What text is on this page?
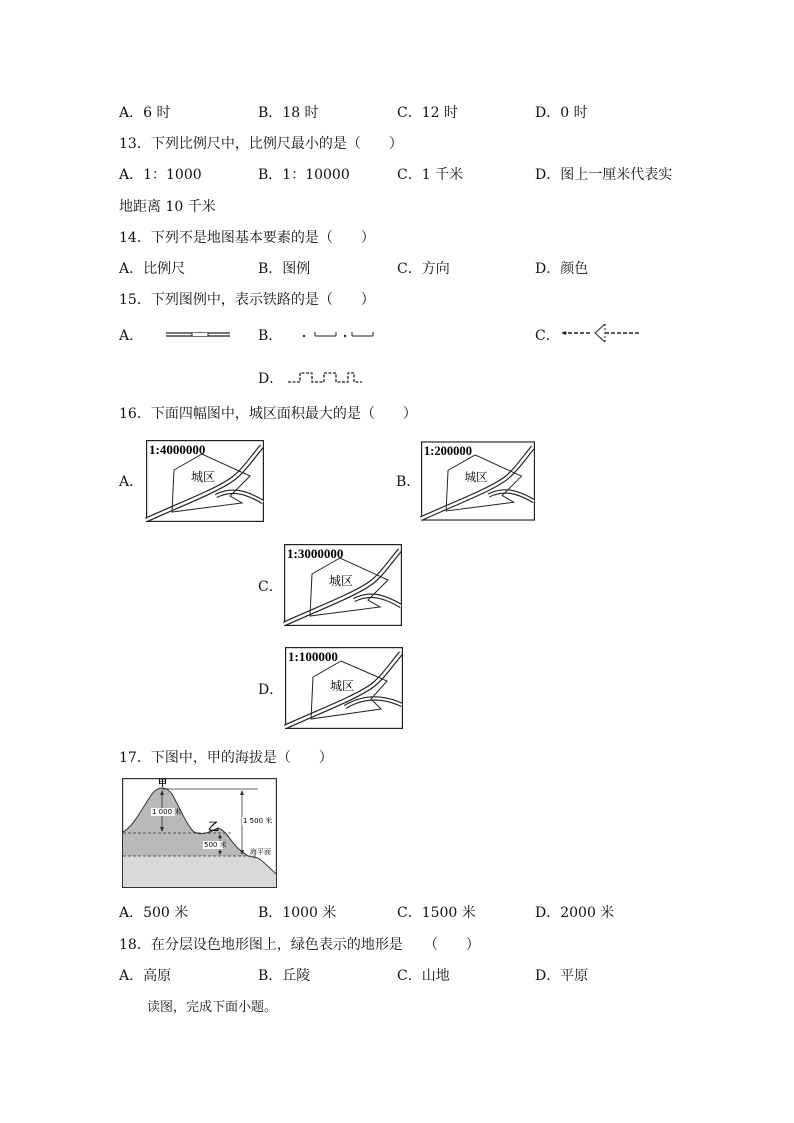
A．6 时	B．18 时	C．12 时	D．0 时
13．下列比例尺中，比例尺最小的是（　　）
A．1：1000	B．1：10000	C．1 千米	D．图上一厘米代表实
地距离 10 千米
14．下列不是地图基本要素的是（　　）
A．比例尺	B．图例	C．方向	D．颜色
15．下列图例中，表示铁路的是（　　）
A．	B．	C．
D．
16．下面四幅图中，城区面积最大的是（　　）
A．
1:4000000
城区	B．
1:200000
城区
C．
1:3000000
城区
D．
1:100000
城区
17．下图中，甲的海拔是（　　）
1 000 米
1 500 米
500 米
海平面
甲
乙
A．500 米	B．1000 米	C．1500 米	D．2000 米
18．在分层设色地形图上，绿色表示的地形是　　（　　）
A．高原	B．丘陵	C．山地	D．平原
读图，完成下面小题。
